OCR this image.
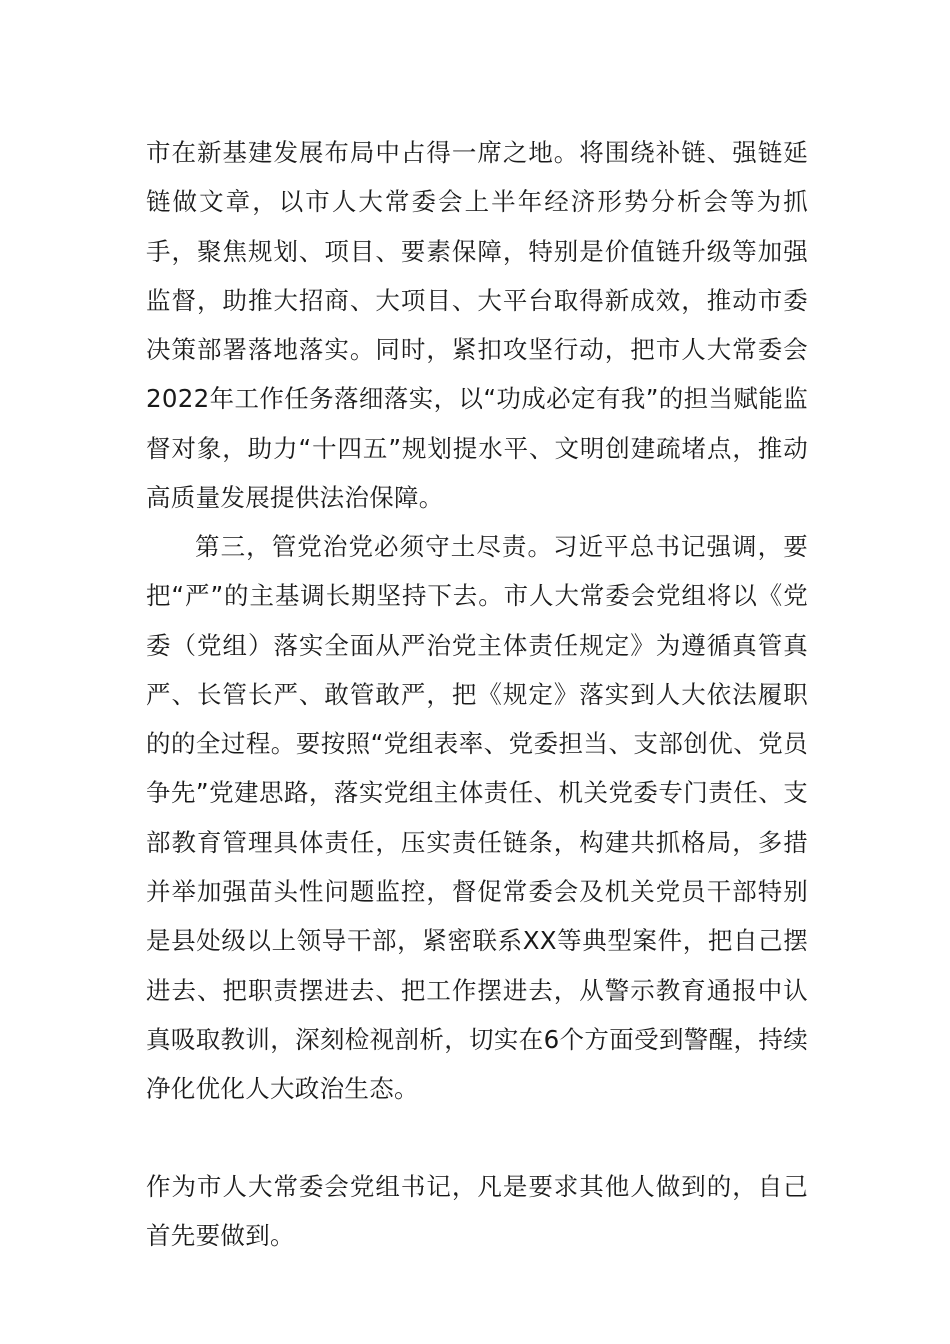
市在新基建发展布局中占得一席之地。将围绕补链、强链延链做文章，以市人大常委会上半年经济形势分析会等为抓手，聚焦规划、项目、要素保障，特别是价值链升级等加强监督，助推大招商、大项目、大平台取得新成效，推动市委决策部署落地落实。同时，紧扣攻坚行动，把市人大常委会2022年工作任务落细落实，以“功成必定有我”的担当赋能监督对象，助力“十四五”规划提水平、文明创建疏堵点，推动高质量发展提供法治保障。

第三，管党治党必须守土尽责。习近平总书记强调，要把“严”的主基调长期坚持下去。市人大常委会党组将以《党委（党组）落实全面从严治党主体责任规定》为遵循真管真严、长管长严、敢管敢严，把《规定》落实到人大依法履职的的全过程。要按照“党组表率、党委担当、支部创优、党员争先”党建思路，落实党组主体责任、机关党委专门责任、支部教育管理具体责任，压实责任链条，构建共抓格局，多措并举加强苗头性问题监控，督促常委会及机关党员干部特别是县处级以上领导干部，紧密联系XX等典型案件，把自己摆进去、把职责摆进去、把工作摆进去，从警示教育通报中认真吸取教训，深刻检视剖析，切实在6个方面受到警醒，持续净化优化人大政治生态。

作为市人大常委会党组书记，凡是要求其他人做到的，自己首先要做到。
